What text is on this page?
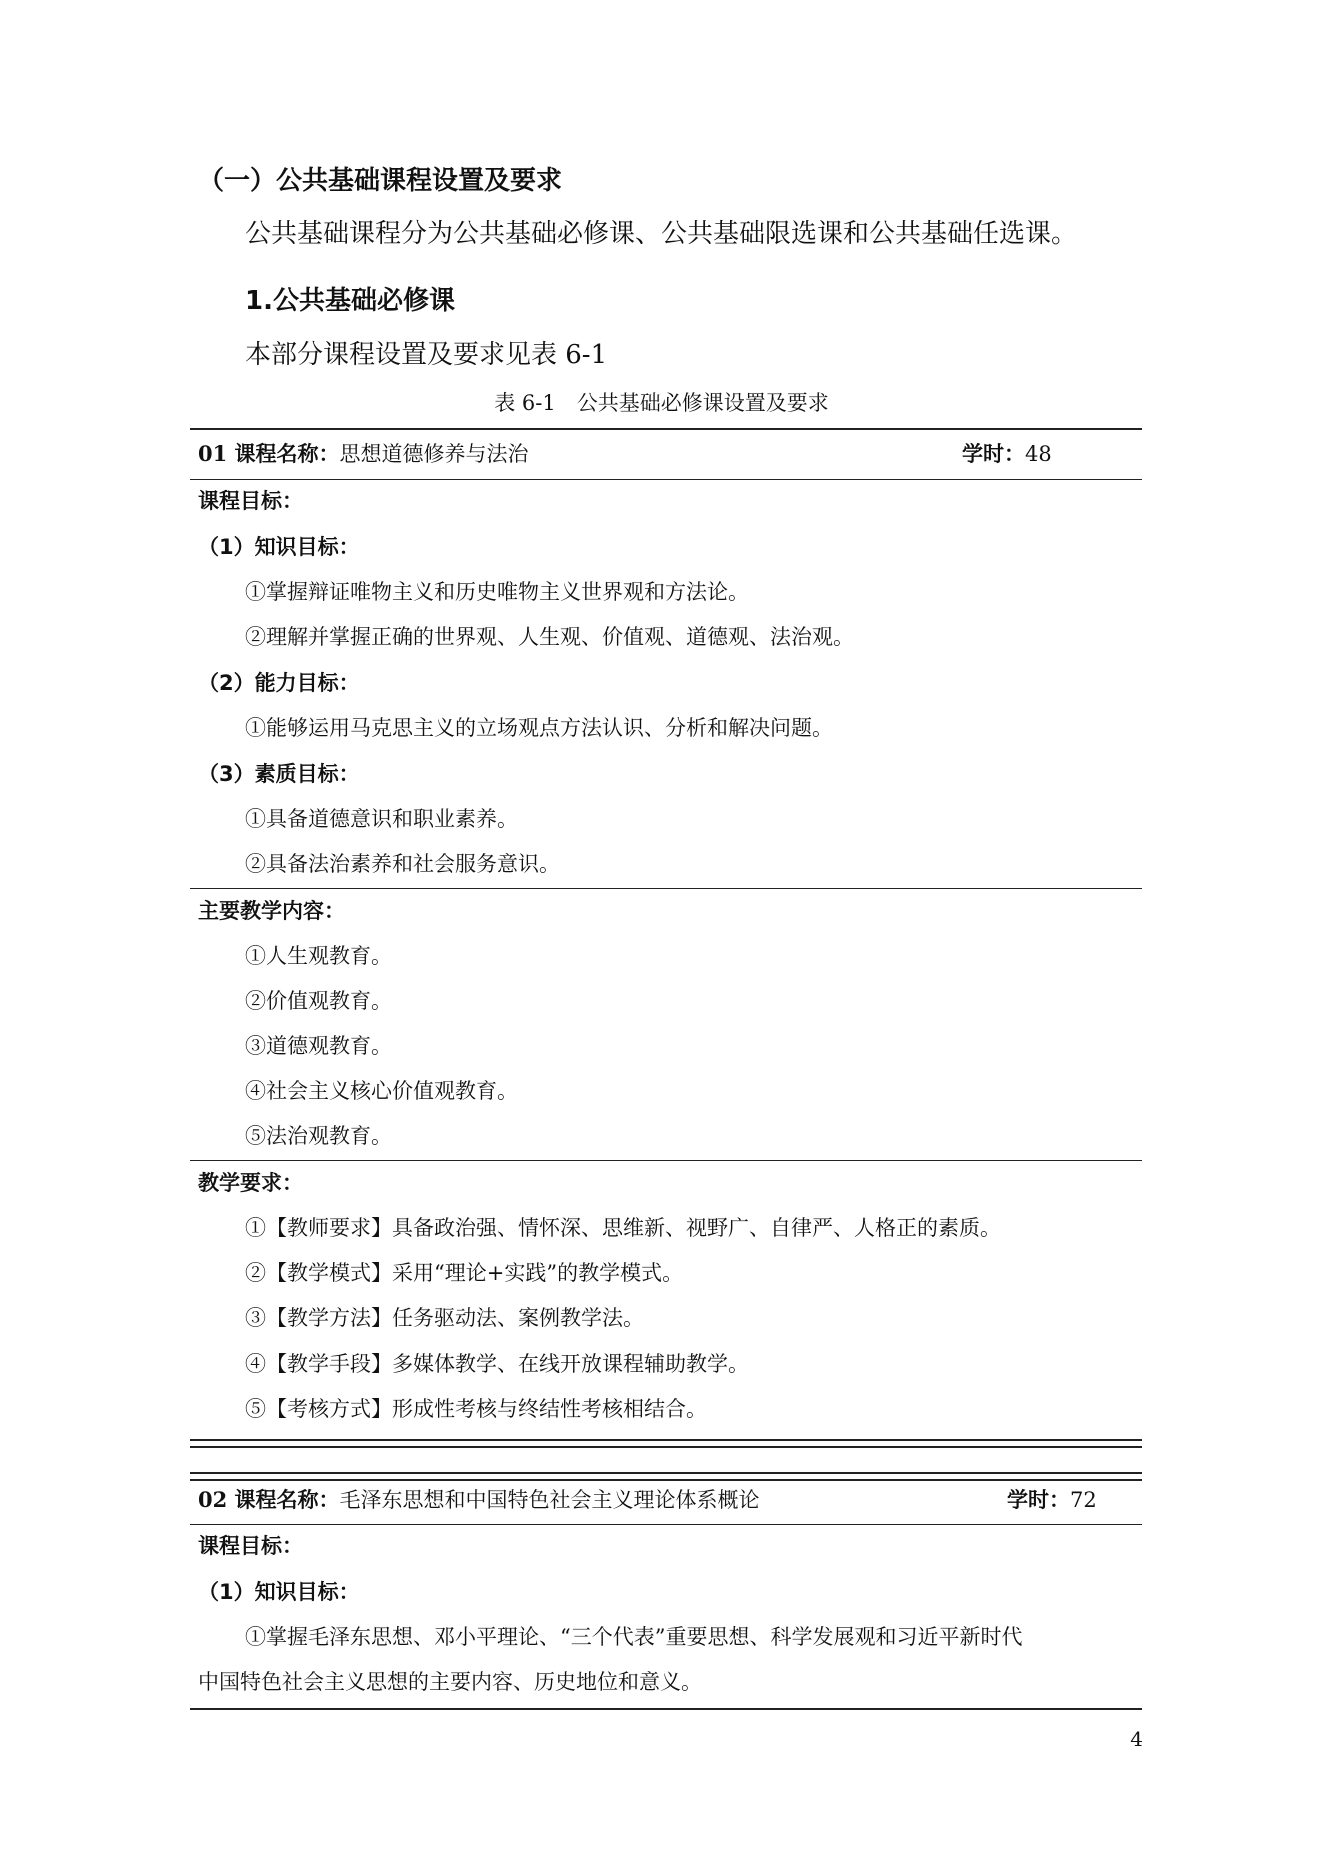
（一）公共基础课程设置及要求
公共基础课程分为公共基础必修课、公共基础限选课和公共基础任选课。
1.公共基础必修课
本部分课程设置及要求见表 6-1
表 6-1　公共基础必修课设置及要求
01 课程名称：思想道德修养与法治	学时：48
课程目标：
（1）知识目标：
①掌握辩证唯物主义和历史唯物主义世界观和方法论。
②理解并掌握正确的世界观、人生观、价值观、道德观、法治观。
（2）能力目标：
①能够运用马克思主义的立场观点方法认识、分析和解决问题。
（3）素质目标：
①具备道德意识和职业素养。
②具备法治素养和社会服务意识。
主要教学内容：
①人生观教育。
②价值观教育。
③道德观教育。
④社会主义核心价值观教育。
⑤法治观教育。
教学要求：
①【教师要求】具备政治强、情怀深、思维新、视野广、自律严、人格正的素质。
②【教学模式】采用“理论+实践”的教学模式。
③【教学方法】任务驱动法、案例教学法。
④【教学手段】多媒体教学、在线开放课程辅助教学。
⑤【考核方式】形成性考核与终结性考核相结合。
02 课程名称：毛泽东思想和中国特色社会主义理论体系概论	学时：72
课程目标：
（1）知识目标：
①掌握毛泽东思想、邓小平理论、“三个代表”重要思想、科学发展观和习近平新时代
中国特色社会主义思想的主要内容、历史地位和意义。
4
